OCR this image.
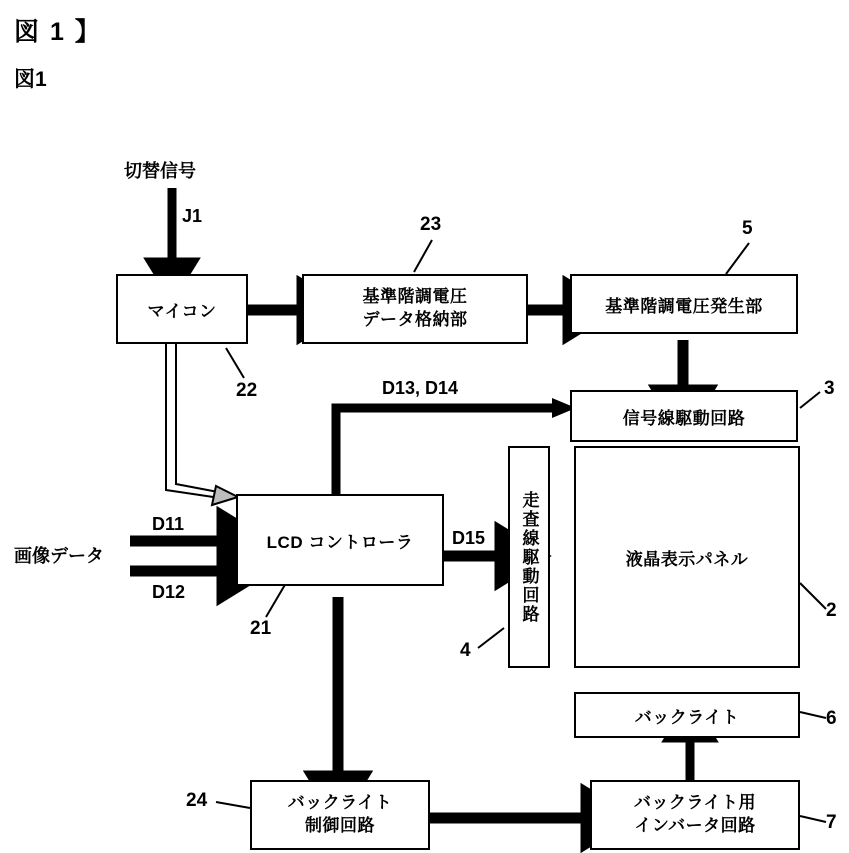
図 1 】
図1
マイコン
基準階調電圧
データ格納部
基準階調電圧発生部
信号線駆動回路
LCD コントローラ	走査線駆動回路	液晶表示パネル
バックライト
バックライト
制御回路
バックライト用
インバータ回路
切替信号
J1
画像データ
D11
D12
D13, D14
D15
23	5
3
22
21
2
4
6
7
24
